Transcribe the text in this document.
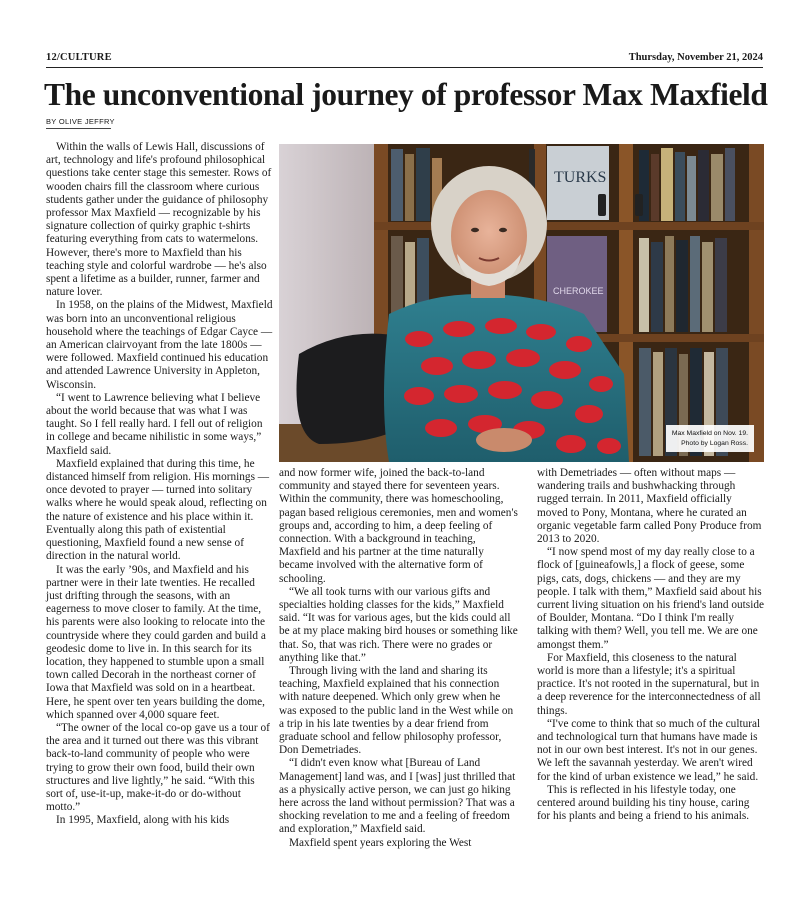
12/CULTURE	Thursday, November 21, 2024
The unconventional journey of professor Max Maxfield
BY OLIVE JEFFRY
TURKS
CHEROKEE
Max Maxfield on Nov. 19.
Photo by Logan Ross.

Within the walls of Lewis Hall, discussions of art, technology and life's profound philosophical questions take center stage this semester. Rows of wooden chairs fill the classroom where curious students gather under the guidance of philosophy professor Max Maxfield — recognizable by his signature collection of quirky graphic t-shirts featuring everything from cats to watermelons. However, there's more to Maxfield than his teaching style and colorful wardrobe — he's also spent a lifetime as a builder, runner, farmer and nature lover.

In 1958, on the plains of the Midwest, Maxfield was born into an unconventional religious household where the teachings of Edgar Cayce — an American clairvoyant from the late 1800s — were followed. Maxfield continued his education and attended Lawrence University in Appleton, Wisconsin.

“I went to Lawrence believing what I believe about the world because that was what I was taught. So I fell really hard. I fell out of religion in college and became nihilistic in some ways,” Maxfield said.

Maxfield explained that during this time, he distanced himself from religion. His mornings — once devoted to prayer — turned into solitary walks where he would speak aloud, reflecting on the nature of existence and his place within it. Eventually along this path of existential questioning, Maxfield found a new sense of direction in the natural world.

It was the early ’90s, and Maxfield and his partner were in their late twenties. He recalled just drifting through the seasons, with an eagerness to move closer to family. At the time, his parents were also looking to relocate into the countryside where they could garden and build a geodesic dome to live in. In this search for its location, they happened to stumble upon a small town called Decorah in the northeast corner of Iowa that Maxfield was sold on in a heartbeat. Here, he spent over ten years building the dome, which spanned over 4,000 square feet.

“The owner of the local co-op gave us a tour of the area and it turned out there was this vibrant back-to-land community of people who were trying to grow their own food, build their own structures and live lightly,” he said. “With this sort of, use-it-up, make-it-do or do-without motto.”

In 1995, Maxfield, along with his kids

and now former wife, joined the back-to-land community and stayed there for seventeen years. Within the community, there was homeschooling, pagan based religious ceremonies, men and women's groups and, according to him, a deep feeling of connection. With a background in teaching, Maxfield and his partner at the time naturally became involved with the alternative form of schooling.

“We all took turns with our various gifts and specialties holding classes for the kids,” Maxfield said. “It was for various ages, but the kids could all be at my place making bird houses or something like that. So, that was rich. There were no grades or anything like that.”

Through living with the land and sharing its teaching, Maxfield explained that his connection with nature deepened. Which only grew when he was exposed to the public land in the West while on a trip in his late twenties by a dear friend from graduate school and fellow philosophy professor, Don Demetriades.

“I didn't even know what [Bureau of Land Management] land was, and I [was] just thrilled that as a physically active person, we can just go hiking here across the land without permission? That was a shocking revelation to me and a feeling of freedom and exploration,” Maxfield said.

Maxfield spent years exploring the West

with Demetriades — often without maps — wandering trails and bushwhacking through rugged terrain. In 2011, Maxfield officially moved to Pony, Montana, where he curated an organic vegetable farm called Pony Produce from 2013 to 2020.

“I now spend most of my day really close to a flock of [guineafowls,] a flock of geese, some pigs, cats, dogs, chickens — and they are my people. I talk with them,” Maxfield said about his current living situation on his friend's land outside of Boulder, Montana. “Do I think I'm really talking with them? Well, you tell me. We are one amongst them.”

For Maxfield, this closeness to the natural world is more than a lifestyle; it's a spiritual practice. It's not rooted in the supernatural, but in a deep reverence for the interconnectedness of all things.

“I've come to think that so much of the cultural and technological turn that humans have made is not in our own best interest. It's not in our genes. We left the savannah yesterday. We aren't wired for the kind of urban existence we lead,” he said.

This is reflected in his lifestyle today, one centered around building his tiny house, caring for his plants and being a friend to his animals.
